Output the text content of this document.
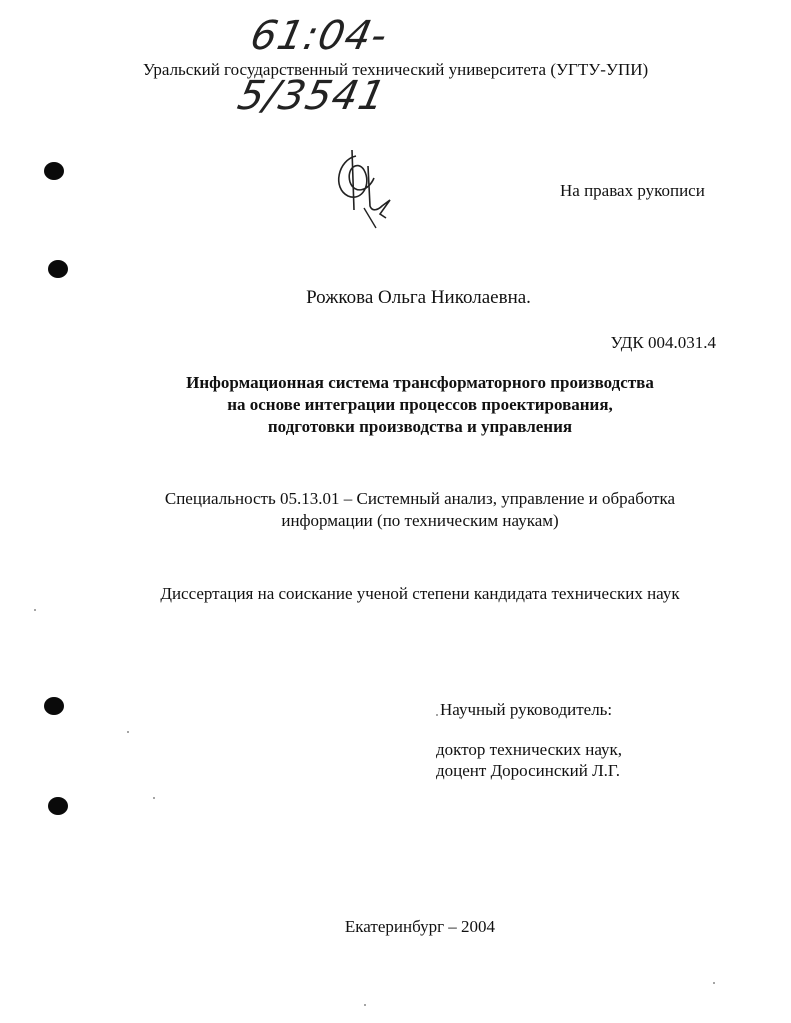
61:04-5/3541
Уральский государственный технический университета (УГТУ-УПИ)
На правах рукописи
Рожкова Ольга Николаевна.
УДК 004.031.4
Информационная система трансформаторного производства
на основе интеграции процессов проектирования,
подготовки производства и управления
Специальность 05.13.01 – Системный анализ, управление и обработка
информации (по техническим наукам)
Диссертация на соискание ученой степени кандидата технических наук
Научный руководитель:
доктор технических наук,
доцент Доросинский Л.Г.
Екатеринбург – 2004
